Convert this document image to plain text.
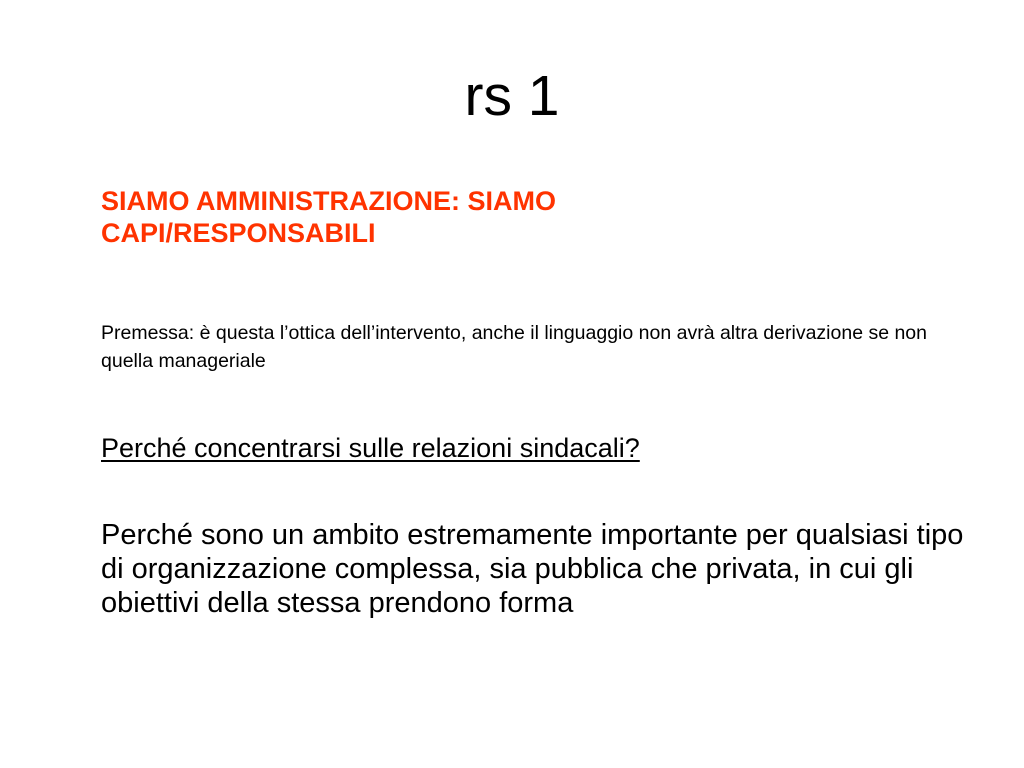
rs 1
SIAMO AMMINISTRAZIONE: SIAMO CAPI/RESPONSABILI
Premessa: è questa l’ottica dell’intervento, anche il linguaggio non avrà altra derivazione se non quella manageriale
Perché concentrarsi sulle relazioni sindacali?
Perché sono un ambito estremamente importante per qualsiasi tipo di organizzazione complessa, sia pubblica che privata, in cui gli obiettivi della stessa prendono forma
